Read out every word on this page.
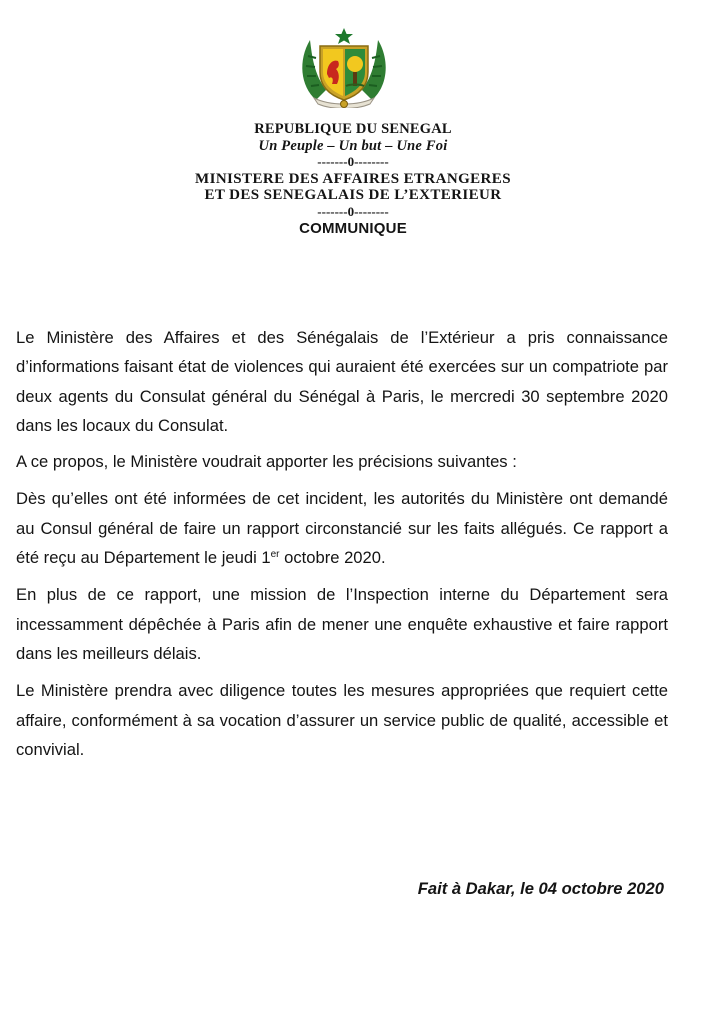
REPUBLIQUE DU SENEGAL
Un Peuple – Un but – Une Foi
-------0--------
MINISTERE DES AFFAIRES ETRANGERES
ET DES SENEGALAIS DE L’EXTERIEUR
-------0--------
COMMUNIQUE

Le Ministère des Affaires et des Sénégalais de l’Extérieur a pris connaissance d’informations faisant état de violences qui auraient été exercées sur un compatriote par deux agents du Consulat général du Sénégal à Paris, le mercredi 30 septembre 2020 dans les locaux du Consulat.

A ce propos, le Ministère voudrait apporter les précisions suivantes :

Dès qu’elles ont été informées de cet incident, les autorités du Ministère ont demandé au Consul général de faire un rapport circonstancié sur les faits allégués. Ce rapport a été reçu au Département le jeudi 1er octobre 2020.

En plus de ce rapport, une mission de l’Inspection interne du Département sera incessamment dépêchée à Paris afin de mener une enquête exhaustive et faire rapport dans les meilleurs délais.

Le Ministère prendra avec diligence toutes les mesures appropriées que requiert cette affaire, conformément à sa vocation d’assurer un service public de qualité, accessible et convivial.

Fait à Dakar, le 04 octobre 2020
